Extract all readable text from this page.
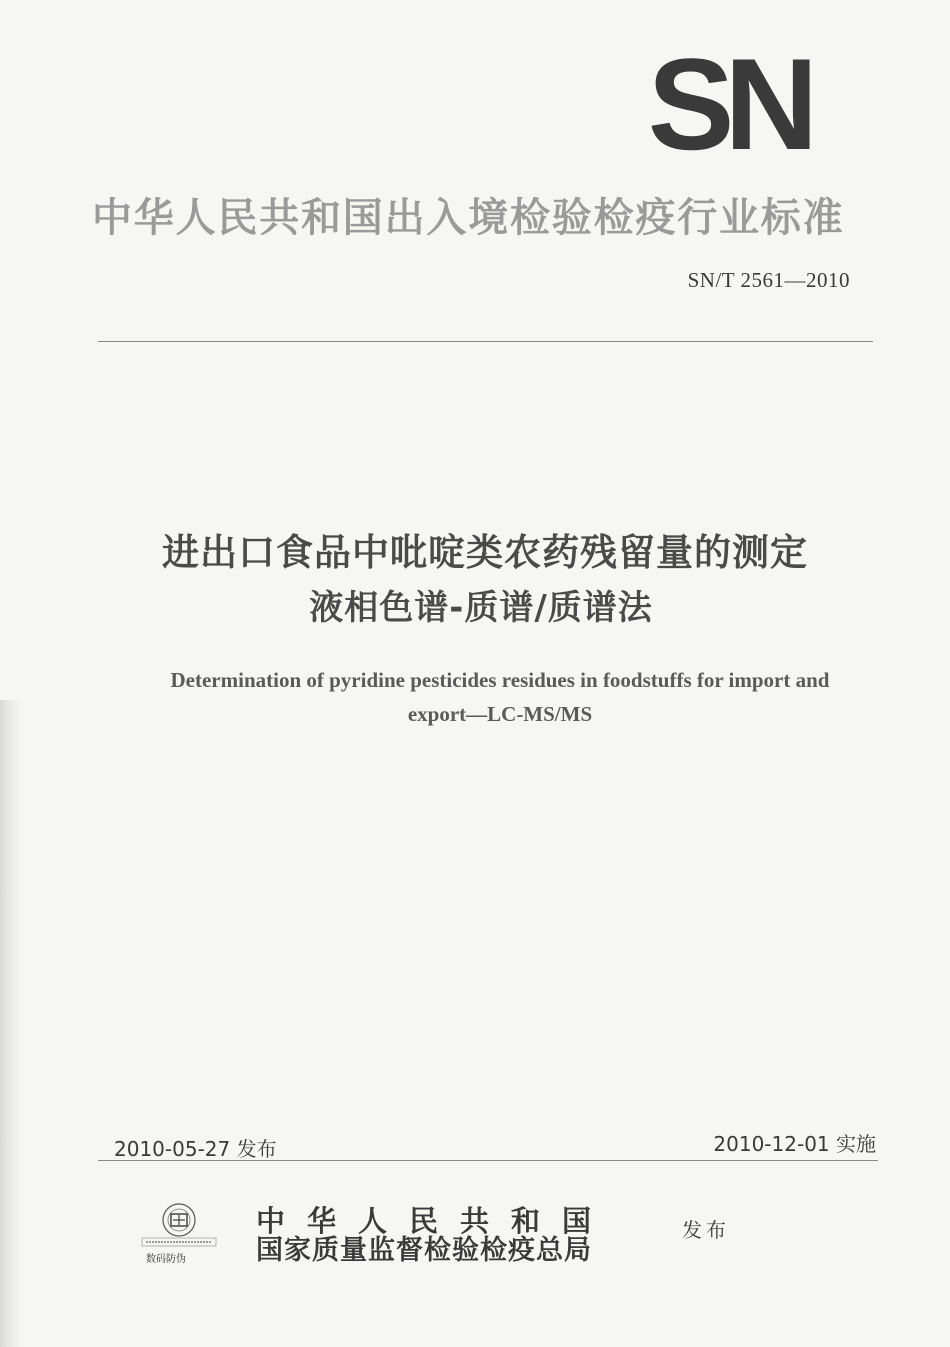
SN
中华人民共和国出入境检验检疫行业标准
SN/T 2561—2010
进出口食品中吡啶类农药残留量的测定
液相色谱-质谱/质谱法
Determination of pyridine pesticides residues in foodstuffs for import and export—LC-MS/MS
2010-05-27 发布	2010-12-01 实施
数码防伪
中华人民共和国
国家质量监督检验检疫总局
发布
